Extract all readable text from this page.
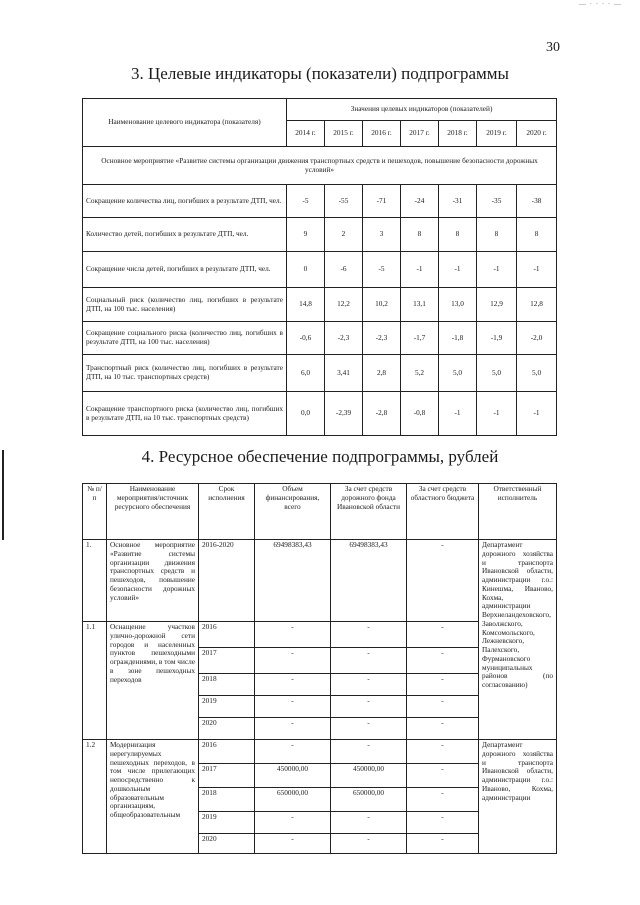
— · · · · —
30
3. Целевые индикаторы (показатели) подпрограммы
Наименование целевого индикатора (показателя)	Значения целевых индикаторов (показателей)						
	2014 г.	2015 г.	2016 г.	2017 г.	2018 г.	2019 г.	2020 г.
Основное мероприятие «Развитие системы организации движения транспортных средств и пешеходов, повышение безопасности дорожных условий»							
Сокращение количества лиц, погибших в результате ДТП, чел.	-5	-55	-71	-24	-31	-35	-38
Количество детей, погибших в результате ДТП, чел.	9	2	3	8	8	8	8
Сокращение числа детей, погибших в результате ДТП, чел.	0	-6	-5	-1	-1	-1	-1
Социальный риск (количество лиц, погибших в результате ДТП, на 100 тыс. населения)	14,8	12,2	10,2	13,1	13,0	12,9	12,8
Сокращение социального риска (количество лиц, погибших в результате ДТП, на 100 тыс. населения)	-0,6	-2,3	-2,3	-1,7	-1,8	-1,9	-2,0
Транспортный риск (количество лиц, погибших в результате ДТП, на 10 тыс. транспортных средств)	6,0	3,41	2,8	5,2	5,0	5,0	5,0
Сокращение транспортного риска (количество лиц, погибших в результате ДТП, на 10 тыс. транспортных средств)	0,0	-2,39	-2,8	-0,8	-1	-1	-1
4. Ресурсное обеспечение подпрограммы, рублей
№ п/п	Наименование мероприятия/источник ресурсного обеспечения	Срок исполнения	Объем финансирования, всего	За счет средств дорожного фонда Ивановской области	За счет средств областного бюджета	Ответственный исполнитель
1.	Основное мероприятие «Развитие системы организации движения транспортных средств и пешеходов, повышение безопасности дорожных условий»	2016-2020	69498383,43	69498383,43	-	Департамент дорожного хозяйства и транспорта Ивановской области, администрации г.о.: Кинешма, Иваново, Кохма, администрации Верхнеландеховского, Заволжского, Комсомольского, Лежневского, Палехского, Фурмановского муниципальных районов (по согласованию)
1.1	Оснащение участков улично-дорожной сети городов и населенных пунктов пешеходными ограждениями, в том числе в зоне пешеходных переходов	2016	-	-	-	
		2017	-	-	-	
		2018	-	-	-	
		2019	-	-	-	
		2020	-	-	-	
1.2	Модернизация нерегулируемых пешеходных переходов, в том числе прилегающих непосредственно к дошкольным образовательным организациям, общеобразовательным	2016	-	-	-	Департамент дорожного хозяйства и транспорта Ивановской области, администрации г.о.: Иваново, Кохма, администрации
		2017	450000,00	450000,00	-	
		2018	650000,00	650000,00	-	
		2019	-	-	-	
		2020	-	-	-	
